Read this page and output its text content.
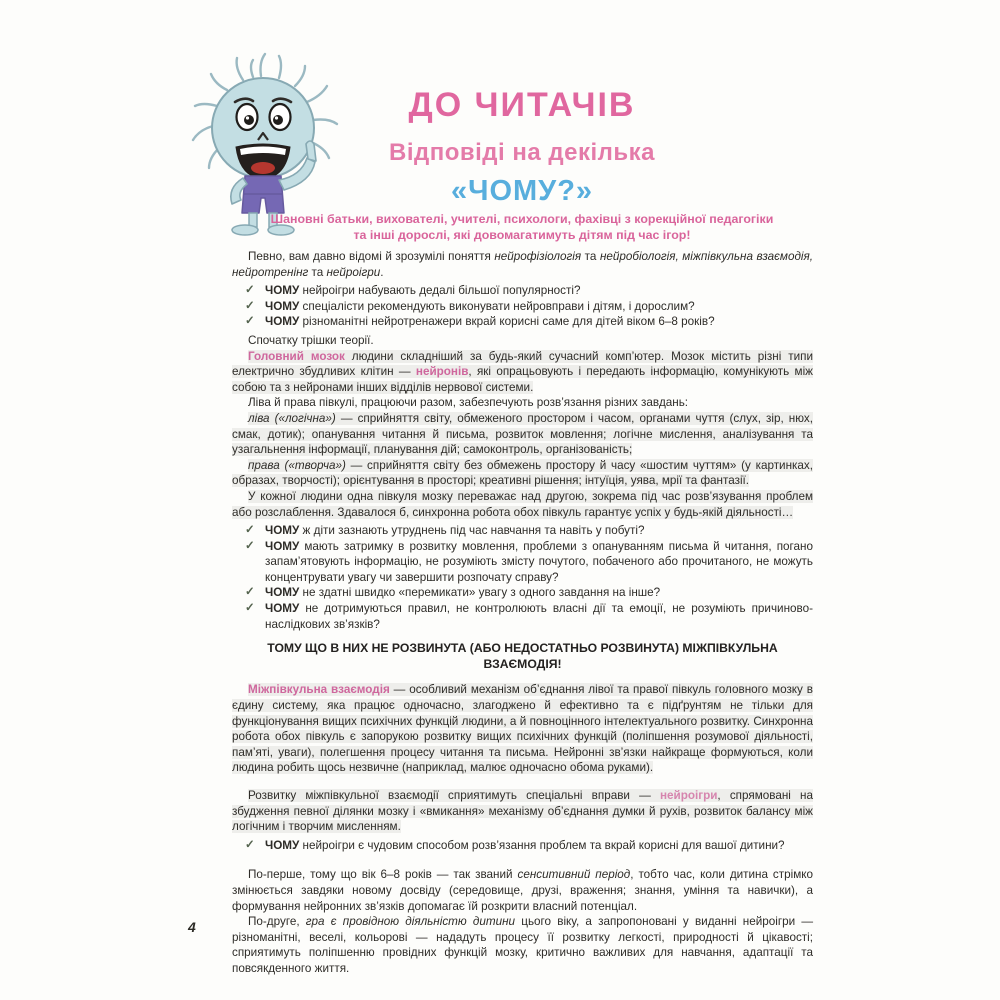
ДО ЧИТАЧІВ
Відповіді на декілька
«ЧОМУ?»
Шановні батьки, вихователі, учителі, психологи, фахівці з корекційної педагогіки
та інші дорослі, які довомагатимуть дітям під час ігор!

Певно, вам давно відомі й зрозумілі поняття нейрофізіологія та нейробіологія, міжпівкульна взаємодія, нейротренінг та нейроігри.

✓ ЧОМУ нейроігри набувають дедалі більшої популярності?
✓ ЧОМУ спеціалісти рекомендують виконувати нейровправи і дітям, і дорослим?
✓ ЧОМУ різноманітні нейротренажери вкрай корисні саме для дітей віком 6–8 років?

Спочатку трішки теорії.

Головний мозок людини складніший за будь-який сучасний комп’ютер. Мозок містить різні типи електрично збудливих клітин — нейронів, які опрацьовують і передають інформацію, комунікують між собою та з нейронами інших відділів нервової системи.

Ліва й права півкулі, працюючи разом, забезпечують розв’язання різних завдань:

ліва («логічна») — сприйняття світу, обмеженого простором і часом, органами чуття (слух, зір, нюх, смак, дотик); опанування читання й письма, розвиток мовлення; логічне мислення, аналізування та узагальнення інформації, планування дій; самоконтроль, організованість;

права («творча») — сприйняття світу без обмежень простору й часу «шостим чуттям» (у картинках, образах, творчості); орієнтування в просторі; креативні рішення; інтуїція, уява, мрії та фантазії.

У кожної людини одна півкуля мозку переважає над другою, зокрема під час розв’язування проблем або розслаблення. Здавалося б, синхронна робота обох півкуль гарантує успіх у будь-якій діяльності…

✓ ЧОМУ ж діти зазнають утруднень під час навчання та навіть у побуті?
✓ ЧОМУ мають затримку в розвитку мовлення, проблеми з опануванням письма й читання, погано запам’ятовують інформацію, не розуміють змісту почутого, побаченого або прочитаного, не можуть концентрувати увагу чи завершити розпочату справу?
✓ ЧОМУ не здатні швидко «перемикати» увагу з одного завдання на інше?
✓ ЧОМУ не дотримуються правил, не контролюють власні дії та емоції, не розуміють причиново-наслідкових зв’язків?

ТОМУ ЩО В НИХ НЕ РОЗВИНУТА (АБО НЕДОСТАТНЬО РОЗВИНУТА) МІЖПІВКУЛЬНА ВЗАЄМОДІЯ!

Міжпівкульна взаємодія — особливий механізм об’єднання лівої та правої півкуль головного мозку в єдину систему, яка працює одночасно, злагоджено й ефективно та є підґрунтям не тільки для функціонування вищих психічних функцій людини, а й повноцінного інтелектуального розвитку. Синхронна робота обох півкуль є запорукою розвитку вищих психічних функцій (поліпшення розумової діяльності, пам’яті, уваги), полегшення процесу читання та письма. Нейронні зв’язки найкраще формуються, коли людина робить щось незвичне (наприклад, малює одночасно обома руками).

Розвитку міжпівкульної взаємодії сприятимуть спеціальні вправи — нейроігри, спрямовані на збудження певної ділянки мозку і «вмикання» механізму об’єднання думки й рухів, розвиток балансу між логічним і творчим мисленням.

✓ ЧОМУ нейроігри є чудовим способом розв’язання проблем та вкрай корисні для вашої дитини?

По-перше, тому що вік 6–8 років — так званий сенситивний період, тобто час, коли дитина стрімко змінюється завдяки новому досвіду (середовище, друзі, враження; знання, уміння та навички), а формування нейронних зв’язків допомагає їй розкрити власний потенціал.

По-друге, гра є провідною діяльністю дитини цього віку, а запропоновані у виданні нейроігри — різноманітні, веселі, кольорові — нададуть процесу її розвитку легкості, природності й цікавості; сприятимуть поліпшенню провідних функцій мозку, критично важливих для навчання, адаптації та повсякденного життя.

4
